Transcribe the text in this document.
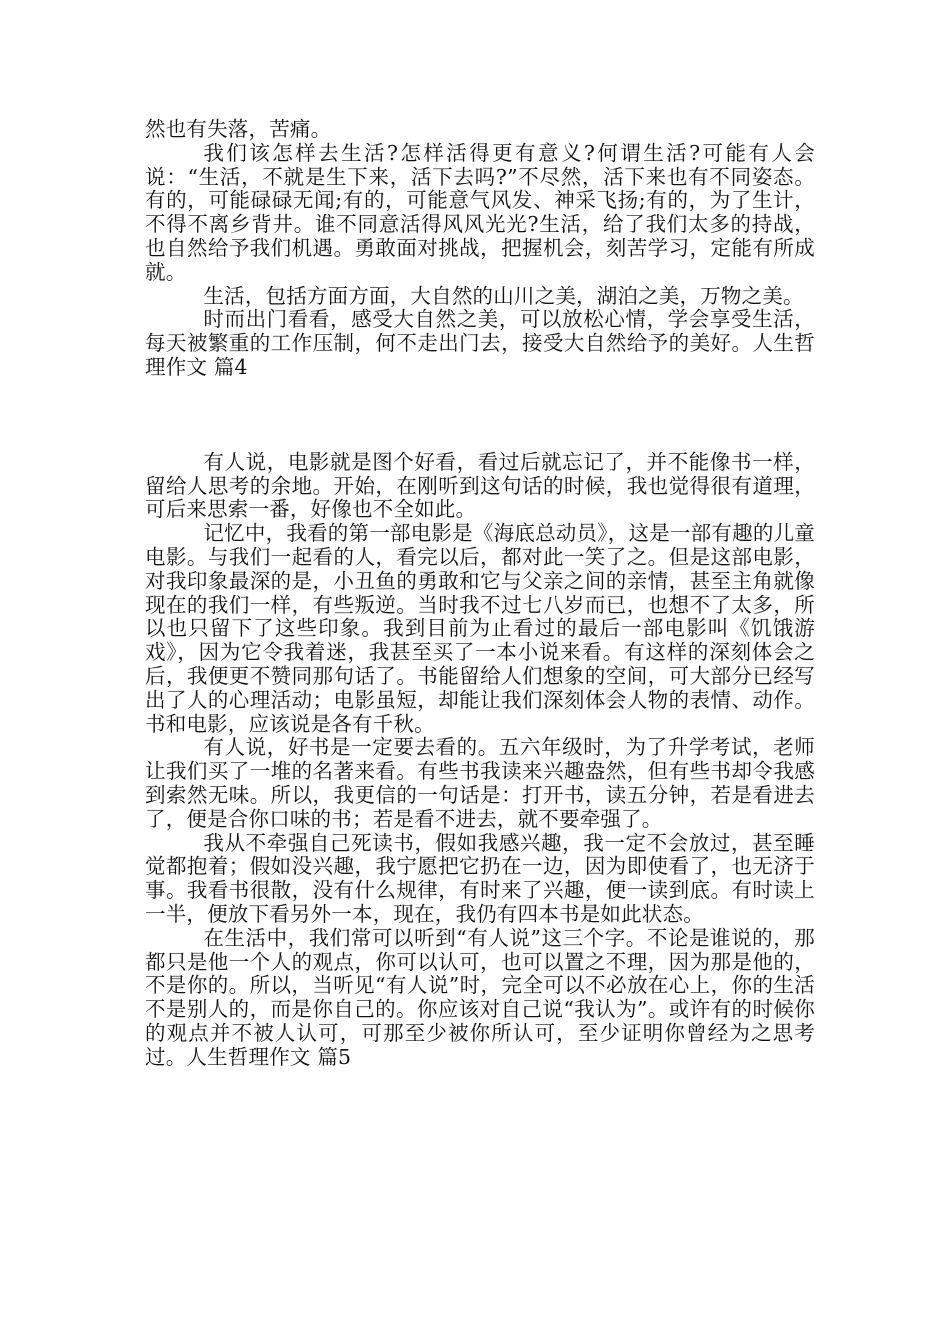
然也有失落，苦痛。

我们该怎样去生活?怎样活得更有意义?何谓生活?可能有人会说：“生活，不就是生下来，活下去吗?”不尽然，活下来也有不同姿态。有的，可能碌碌无闻;有的，可能意气风发、神采飞扬;有的，为了生计，不得不离乡背井。谁不同意活得风风光光?生活，给了我们太多的持战，也自然给予我们机遇。勇敢面对挑战，把握机会，刻苦学习，定能有所成就。

生活，包括方面方面，大自然的山川之美，湖泊之美，万物之美。

时而出门看看，感受大自然之美，可以放松心情，学会享受生活，每天被繁重的工作压制，何不走出门去，接受大自然给予的美好。人生哲理作文 篇4

有人说，电影就是图个好看，看过后就忘记了，并不能像书一样，留给人思考的余地。开始，在刚听到这句话的时候，我也觉得很有道理，可后来思索一番，好像也不全如此。

记忆中，我看的第一部电影是《海底总动员》，这是一部有趣的儿童电影。与我们一起看的人，看完以后，都对此一笑了之。但是这部电影，对我印象最深的是，小丑鱼的勇敢和它与父亲之间的亲情，甚至主角就像现在的我们一样，有些叛逆。当时我不过七八岁而已，也想不了太多，所以也只留下了这些印象。我到目前为止看过的最后一部电影叫《饥饿游戏》，因为它令我着迷，我甚至买了一本小说来看。有这样的深刻体会之后，我便更不赞同那句话了。书能留给人们想象的空间，可大部分已经写出了人的心理活动；电影虽短，却能让我们深刻体会人物的表情、动作。书和电影，应该说是各有千秋。

有人说，好书是一定要去看的。五六年级时，为了升学考试，老师让我们买了一堆的名著来看。有些书我读来兴趣盎然，但有些书却令我感到索然无味。所以，我更信的一句话是：打开书，读五分钟，若是看进去了，便是合你口味的书；若是看不进去，就不要牵强了。

我从不牵强自己死读书，假如我感兴趣，我一定不会放过，甚至睡觉都抱着；假如没兴趣，我宁愿把它扔在一边，因为即使看了，也无济于事。我看书很散，没有什么规律，有时来了兴趣，便一读到底。有时读上一半，便放下看另外一本，现在，我仍有四本书是如此状态。

在生活中，我们常可以听到“有人说”这三个字。不论是谁说的，那都只是他一个人的观点，你可以认可，也可以置之不理，因为那是他的，不是你的。所以，当听见“有人说”时，完全可以不必放在心上，你的生活不是别人的，而是你自己的。你应该对自己说“我认为”。或许有的时候你的观点并不被人认可，可那至少被你所认可，至少证明你曾经为之思考过。人生哲理作文 篇5
